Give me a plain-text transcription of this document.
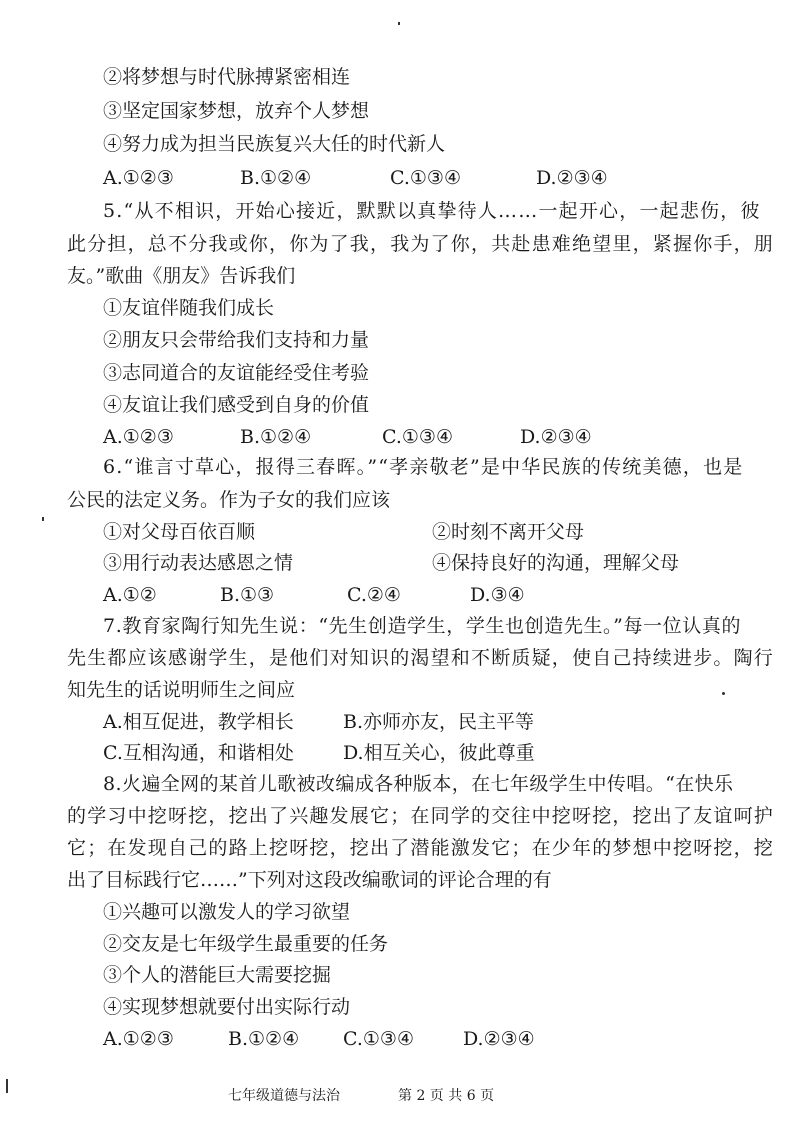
②将梦想与时代脉搏紧密相连
③坚定国家梦想，放弃个人梦想
④努力成为担当民族复兴大任的时代新人
A.①②③	B.①②④	C.①③④	D.②③④
5.“从不相识，开始心接近，默默以真挚待人……一起开心，一起悲伤，彼
此分担，总不分我或你，你为了我，我为了你，共赴患难绝望里，紧握你手，朋
友。”歌曲《朋友》告诉我们
①友谊伴随我们成长
②朋友只会带给我们支持和力量
③志同道合的友谊能经受住考验
④友谊让我们感受到自身的价值
A.①②③	B.①②④	C.①③④	D.②③④
6.“谁言寸草心，报得三春晖。”“孝亲敬老”是中华民族的传统美德，也是
公民的法定义务。作为子女的我们应该
①对父母百依百顺	②时刻不离开父母
③用行动表达感恩之情	④保持良好的沟通，理解父母
A.①②	B.①③	C.②④	D.③④
7.教育家陶行知先生说：“先生创造学生，学生也创造先生。”每一位认真的
先生都应该感谢学生，是他们对知识的渴望和不断质疑，使自己持续进步。陶行
知先生的话说明师生之间应
A.相互促进，教学相长	B.亦师亦友，民主平等
C.互相沟通，和谐相处	D.相互关心，彼此尊重
8.火遍全网的某首儿歌被改编成各种版本，在七年级学生中传唱。“在快乐
的学习中挖呀挖，挖出了兴趣发展它；在同学的交往中挖呀挖，挖出了友谊呵护
它；在发现自己的路上挖呀挖，挖出了潜能激发它；在少年的梦想中挖呀挖，挖
出了目标践行它……”下列对这段改编歌词的评论合理的有
①兴趣可以激发人的学习欲望
②交友是七年级学生最重要的任务
③个人的潜能巨大需要挖掘
④实现梦想就要付出实际行动
A.①②③	B.①②④ C.①③④	D.②③④
七年级道德与法治	第 2 页 共 6 页
